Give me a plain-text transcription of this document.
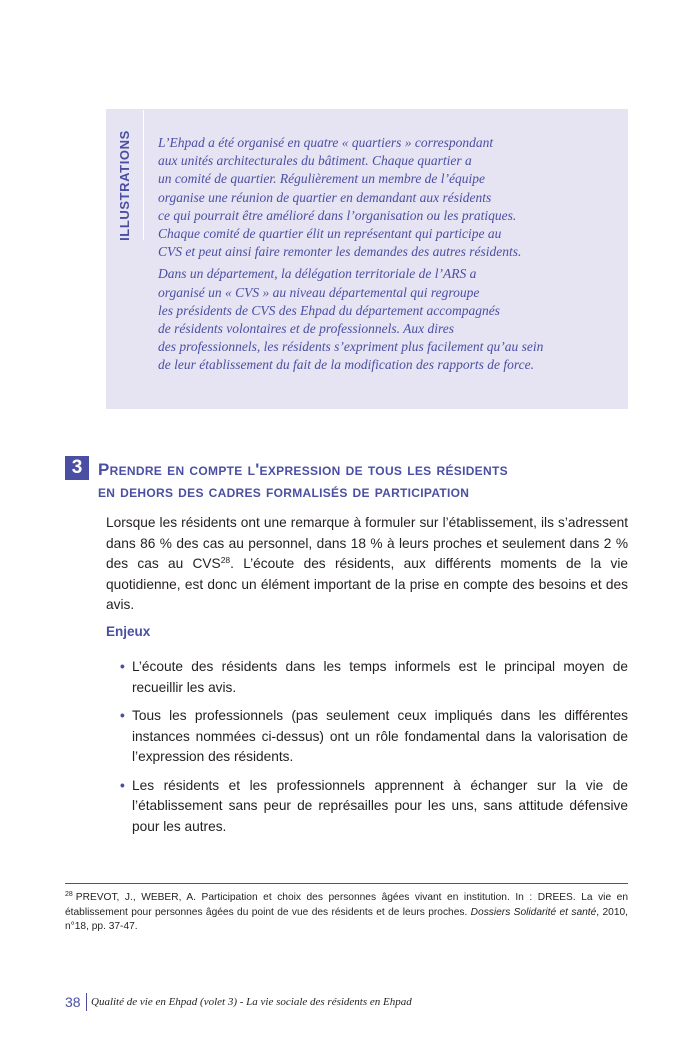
ILLUSTRATIONS L’Ehpad a été organisé en quatre « quartiers » correspondant
aux unités architecturales du bâtiment. Chaque quartier a
un comité de quartier. Régulièrement un membre de l’équipe
organise une réunion de quartier en demandant aux résidents
ce qui pourrait être amélioré dans l’organisation ou les pratiques.
Chaque comité de quartier élit un représentant qui participe au
CVS et peut ainsi faire remonter les demandes des autres résidents.

Dans un département, la délégation territoriale de l’ARS a
organisé un « CVS » au niveau départemental qui regroupe
les présidents de CVS des Ehpad du département accompagnés
de résidents volontaires et de professionnels. Aux dires
des professionnels, les résidents s’expriment plus facilement qu’au sein
de leur établissement du fait de la modification des rapports de force.

3 Prendre en compte l'expression de tous les résidents
en dehors des cadres formalisés de participation
Lorsque les résidents ont une remarque à formuler sur l’établissement, ils s’adressent dans 86 % des cas au personnel, dans 18 % à leurs proches et seulement dans 2 % des cas au CVS$^{28}$. L’écoute des résidents, aux différents moments de la vie quotidienne, est donc un élément important de la prise en compte des besoins et des avis.
Enjeux
• L’écoute des résidents dans les temps informels est le principal moyen de recueillir les avis.
• Tous les professionnels (pas seulement ceux impliqués dans les différentes instances nommées ci-dessus) ont un rôle fondamental dans la valorisation de l’expression des résidents.
• Les résidents et les professionnels apprennent à échanger sur la vie de l’établissement sans peur de représailles pour les uns, sans attitude défensive pour les autres.
$^{28}$ PREVOT, J., WEBER, A. Participation et choix des personnes âgées vivant en institution. In : DREES. La vie en établissement pour personnes âgées du point de vue des résidents et de leurs proches. Dossiers Solidarité et santé, 2010, n°18, pp. 37-47.
38 Qualité de vie en Ehpad (volet 3) - La vie sociale des résidents en Ehpad
